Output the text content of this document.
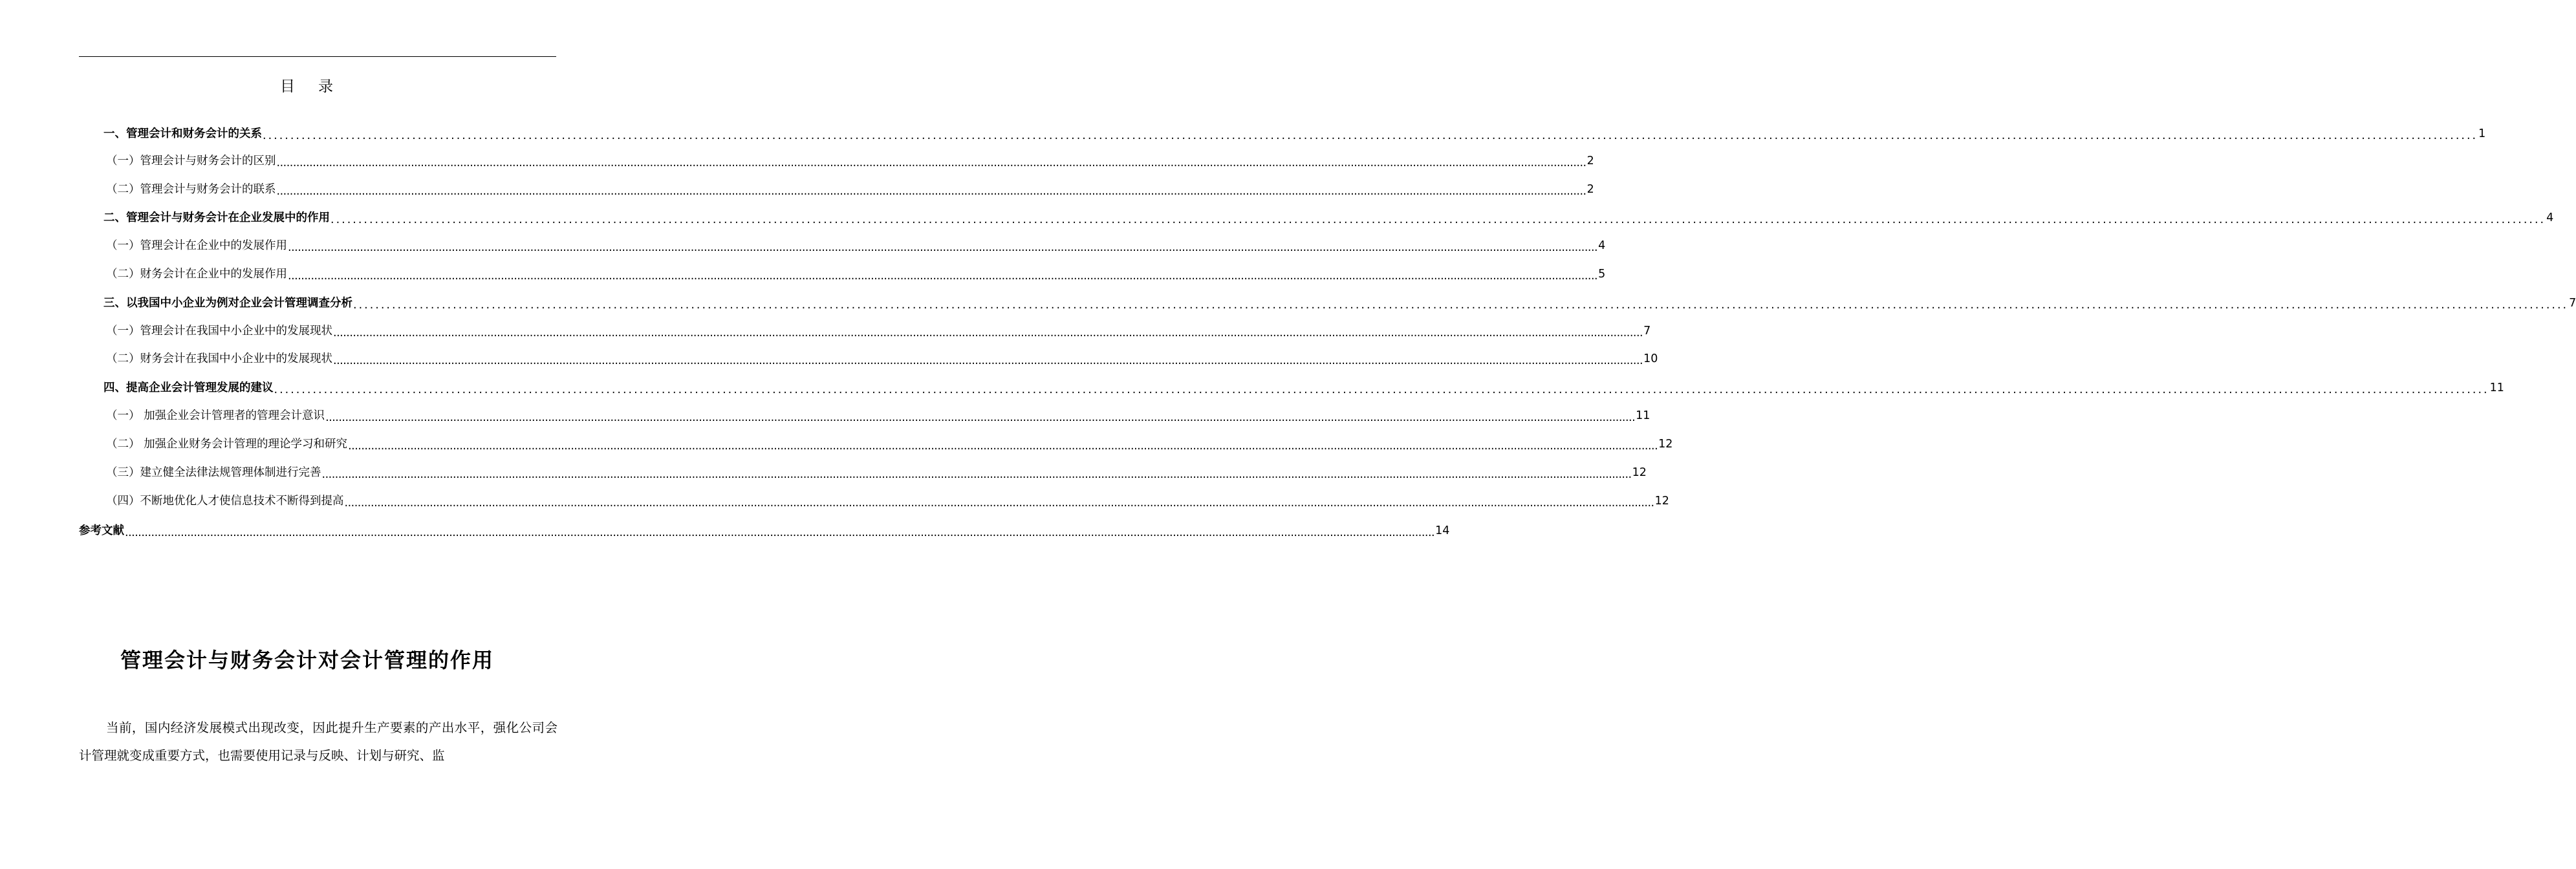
目 录
一、管理会计和财务会计的关系 ................................................................................................................................................................................................................................................................................................................................................................................................................ 1
（一）管理会计与财务会计的区别 ................................................................................................................................................................................................................................................................................................................................................................................................................ 2
（二）管理会计与财务会计的联系 ................................................................................................................................................................................................................................................................................................................................................................................................................ 2
二、管理会计与财务会计在企业发展中的作用 ................................................................................................................................................................................................................................................................................................................................................................................................................ 4
（一）管理会计在企业中的发展作用 ................................................................................................................................................................................................................................................................................................................................................................................................................ 4
（二）财务会计在企业中的发展作用 ................................................................................................................................................................................................................................................................................................................................................................................................................ 5
三、以我国中小企业为例对企业会计管理调查分析 ................................................................................................................................................................................................................................................................................................................................................................................................................ 7
（一）管理会计在我国中小企业中的发展现状 ................................................................................................................................................................................................................................................................................................................................................................................................................ 7
（二）财务会计在我国中小企业中的发展现状 ................................................................................................................................................................................................................................................................................................................................................................................................................ 10
四、提高企业会计管理发展的建议 ................................................................................................................................................................................................................................................................................................................................................................................................................ 11
（一） 加强企业会计管理者的管理会计意识 ................................................................................................................................................................................................................................................................................................................................................................................................................ 11
（二） 加强企业财务会计管理的理论学习和研究 ................................................................................................................................................................................................................................................................................................................................................................................................................ 12
（三）建立健全法律法规管理体制进行完善 ................................................................................................................................................................................................................................................................................................................................................................................................................ 12
（四）不断地优化人才使信息技术不断得到提高 ................................................................................................................................................................................................................................................................................................................................................................................................................ 12
参考文献 ................................................................................................................................................................................................................................................................................................................................................................................................................ 14
管理会计与财务会计对会计管理的作用

当前，国内经济发展模式出现改变，因此提升生产要素的产出水平，强化公司会计管理就变成重要方式，也需要使用记录与反映、计划与研究、监
